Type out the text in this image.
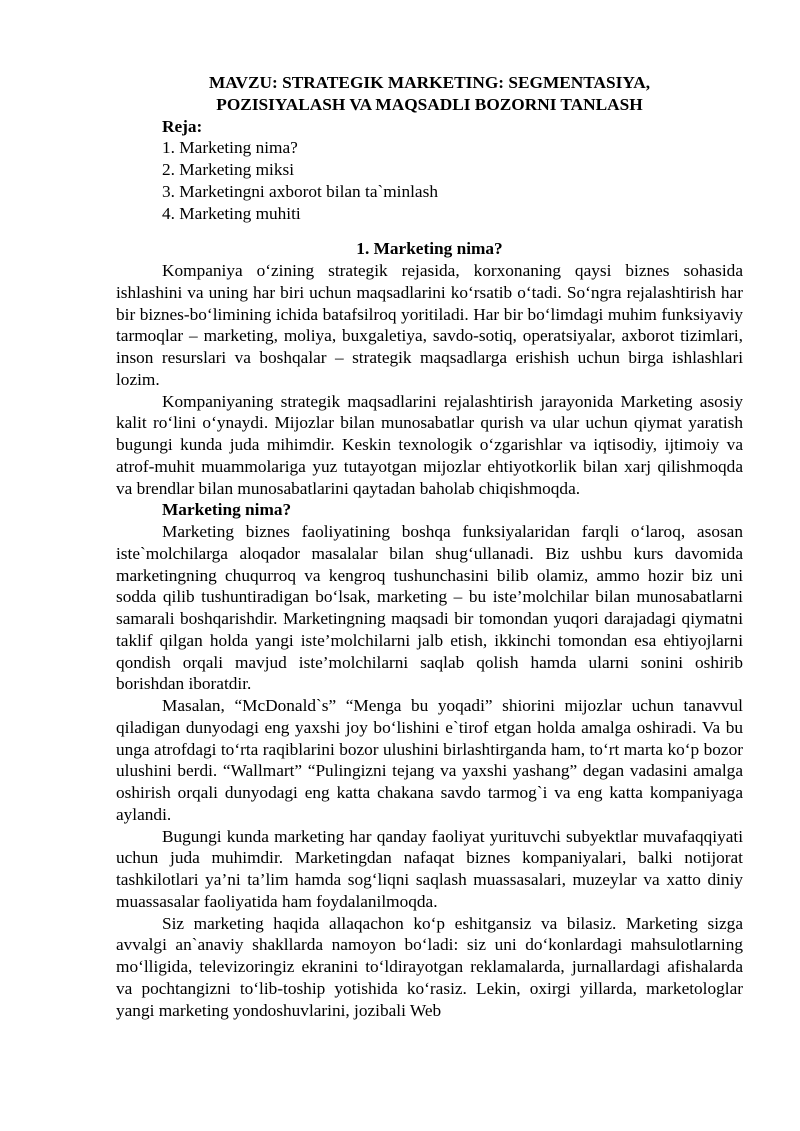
MAVZU: STRATEGIK MARKETING: SEGMENTASIYA,
POZISIYALASH VA MAQSADLI BOZORNI TANLASH
Reja:
1. Marketing nima?
2. Marketing miksi
3. Marketingni axborot bilan ta`minlash
4. Marketing muhiti
1. Marketing nima?

Kompaniya o‘zining strategik rejasida, korxonaning qaysi biznes sohasida ishlashini va uning har biri uchun maqsadlarini ko‘rsatib o‘tadi. So‘ngra rejalashtirish har bir biznes-bo‘limining ichida batafsilroq yoritiladi. Har bir bo‘limdagi muhim funksiyaviy tarmoqlar – marketing, moliya, buxgaletiya, savdo-sotiq, operatsiyalar, axborot tizimlari, inson resurslari va boshqalar – strategik maqsadlarga erishish uchun birga ishlashlari lozim.

Kompaniyaning strategik maqsadlarini rejalashtirish jarayonida Marketing asosiy kalit ro‘lini o‘ynaydi. Mijozlar bilan munosabatlar qurish va ular uchun qiymat yaratish bugungi kunda juda mihimdir. Keskin texnologik o‘zgarishlar va iqtisodiy, ijtimoiy va atrof-muhit muammolariga yuz tutayotgan mijozlar ehtiyotkorlik bilan xarj qilishmoqda va brendlar bilan munosabatlarini qaytadan baholab chiqishmoqda.

Marketing nima?

Marketing biznes faoliyatining boshqa funksiyalaridan farqli o‘laroq, asosan iste`molchilarga aloqador masalalar bilan shug‘ullanadi. Biz ushbu kurs davomida marketingning chuqurroq va kengroq tushunchasini bilib olamiz, ammo hozir biz uni sodda qilib tushuntiradigan bo‘lsak, marketing – bu iste’molchilar bilan munosabatlarni samarali boshqarishdir. Marketingning maqsadi bir tomondan yuqori darajadagi qiymatni taklif qilgan holda yangi iste’molchilarni jalb etish, ikkinchi tomondan esa ehtiyojlarni qondish orqali mavjud iste’molchilarni saqlab qolish hamda ularni sonini oshirib borishdan iboratdir.

Masalan, “McDonald`s” “Menga bu yoqadi” shiorini mijozlar uchun tanavvul qiladigan dunyodagi eng yaxshi joy bo‘lishini e`tirof etgan holda amalga oshiradi. Va bu unga atrofdagi to‘rta raqiblarini bozor ulushini birlashtirganda ham, to‘rt marta ko‘p bozor ulushini berdi. “Wallmart” “Pulingizni tejang va yaxshi yashang” degan vadasini amalga oshirish orqali dunyodagi eng katta chakana savdo tarmog`i va eng katta kompaniyaga aylandi.

Bugungi kunda marketing har qanday faoliyat yurituvchi subyektlar muvafaqqiyati uchun juda muhimdir. Marketingdan nafaqat biznes kompaniyalari, balki notijorat tashkilotlari ya’ni ta’lim hamda sog‘liqni saqlash muassasalari, muzeylar va xatto diniy muassasalar faoliyatida ham foydalanilmoqda.

Siz marketing haqida allaqachon ko‘p eshitgansiz va bilasiz. Marketing sizga avvalgi an`anaviy shakllarda namoyon bo‘ladi: siz uni do‘konlardagi mahsulotlarning mo‘lligida, televizoringiz ekranini to‘ldirayotgan reklamalarda, jurnallardagi afishalarda va pochtangizni to‘lib-toship yotishida ko‘rasiz. Lekin, oxirgi yillarda, marketologlar yangi marketing yondoshuvlarini, jozibali Web
